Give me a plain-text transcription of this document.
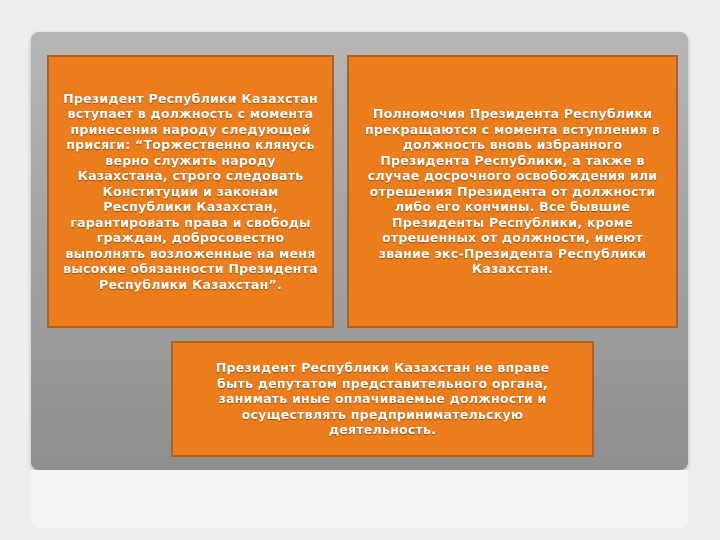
Президент Республики Казахстан вступает в должность с момента принесения народу следующей присяги: “Торжественно клянусь верно служить народу Казахстана, строго следовать Конституции и законам Республики Казахстан, гарантировать права и свободы граждан, добросовестно выполнять возложенные на меня высокие обязанности Президента Республики Казахстан”.
Полномочия Президента Республики прекращаются с момента вступления в должность вновь избранного Президента Республики, а также в случае досрочного освобождения или отрешения Президента от должности либо его кончины. Все бывшие Президенты Республики, кроме отрешенных от должности, имеют звание экс-Президента Республики Казахстан.
Президент Республики Казахстан не вправе быть депутатом представительного органа, занимать иные оплачиваемые должности и осуществлять предпринимательскую деятельность.
